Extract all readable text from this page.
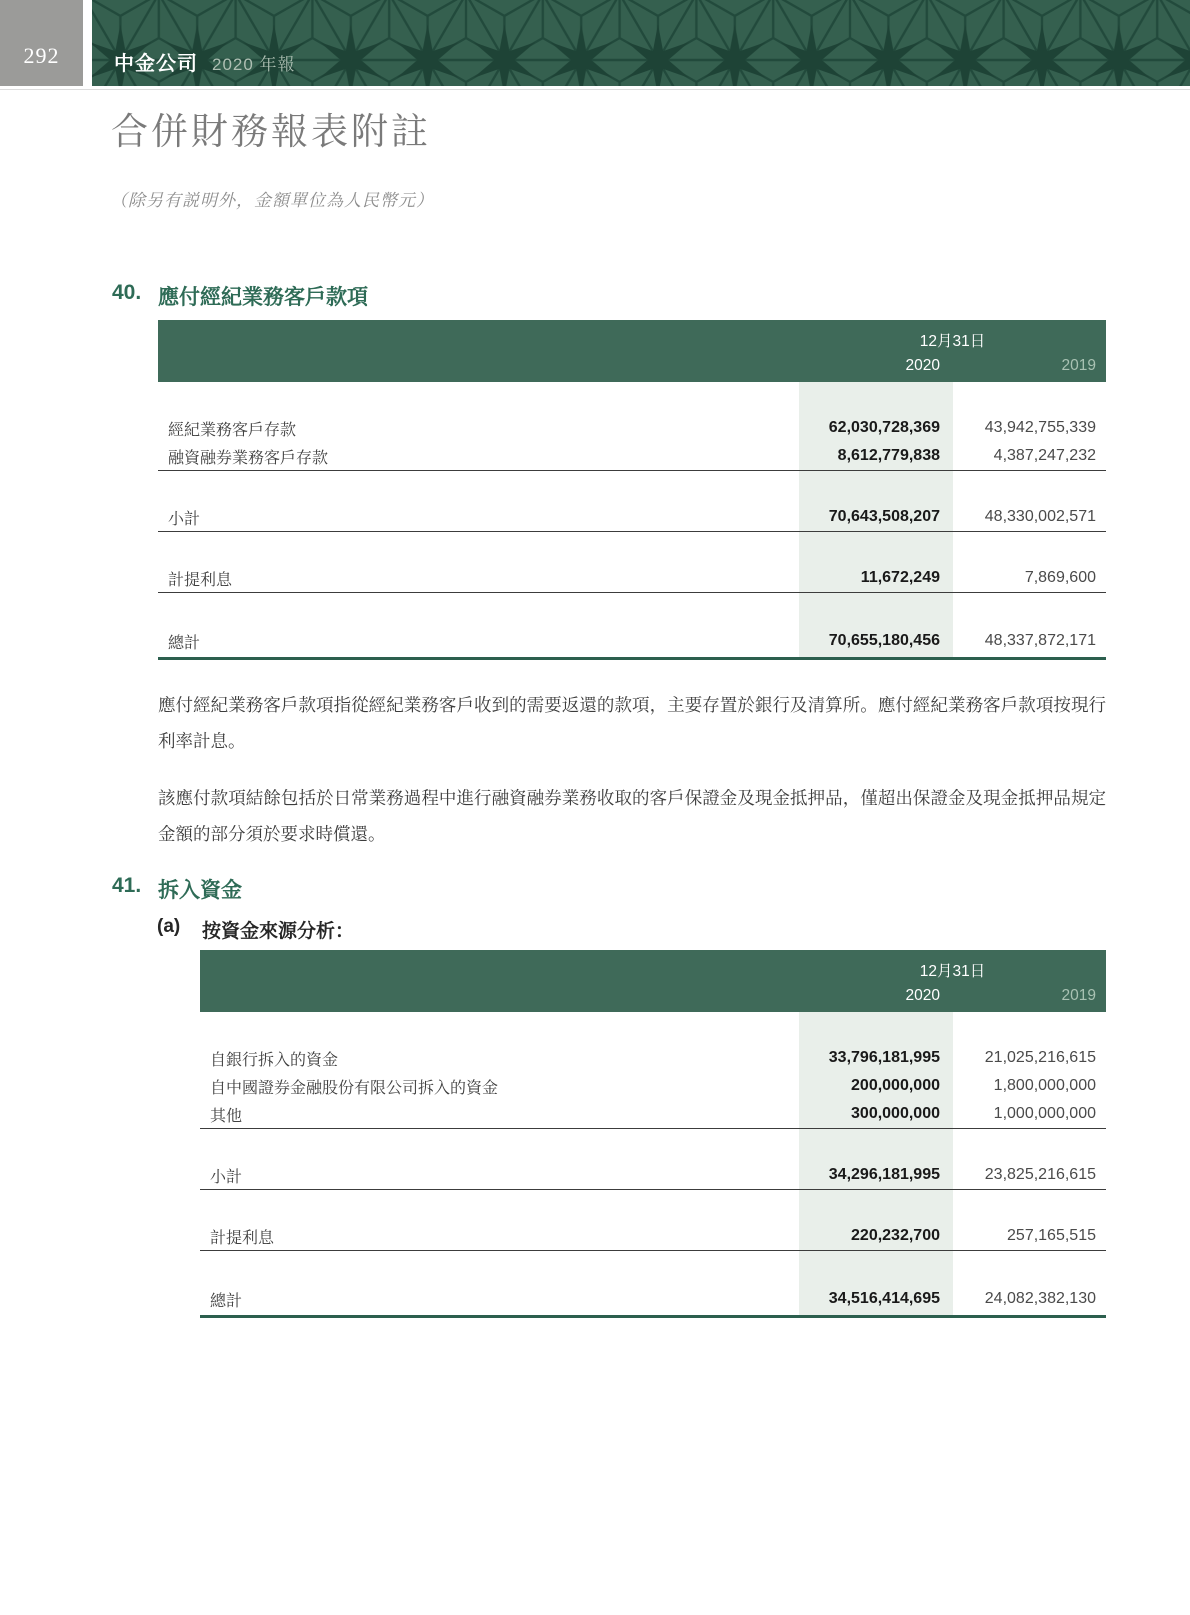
292	中金公司 2020 年報
合併財務報表附註
（除另有説明外，金額單位為人民幣元）
40. 應付經紀業務客戶款項
12月31日
2020	2019
經紀業務客戶存款	62,030,728,369	43,942,755,339
融資融券業務客戶存款	8,612,779,838	4,387,247,232
小計	70,643,508,207	48,330,002,571
計提利息	11,672,249	7,869,600
總計	70,655,180,456	48,337,872,171

應付經紀業務客戶款項指從經紀業務客戶收到的需要返還的款項，主要存置於銀行及清算所。應付經紀業務客戶款項按現行利率計息。

該應付款項結餘包括於日常業務過程中進行融資融券業務收取的客戶保證金及現金抵押品，僅超出保證金及現金抵押品規定金額的部分須於要求時償還。

41. 拆入資金
(a)	按資金來源分析：
12月31日
2020	2019
自銀行拆入的資金	33,796,181,995	21,025,216,615
自中國證券金融股份有限公司拆入的資金	200,000,000	1,800,000,000
其他	300,000,000	1,000,000,000
小計	34,296,181,995	23,825,216,615
計提利息	220,232,700	257,165,515
總計	34,516,414,695	24,082,382,130
